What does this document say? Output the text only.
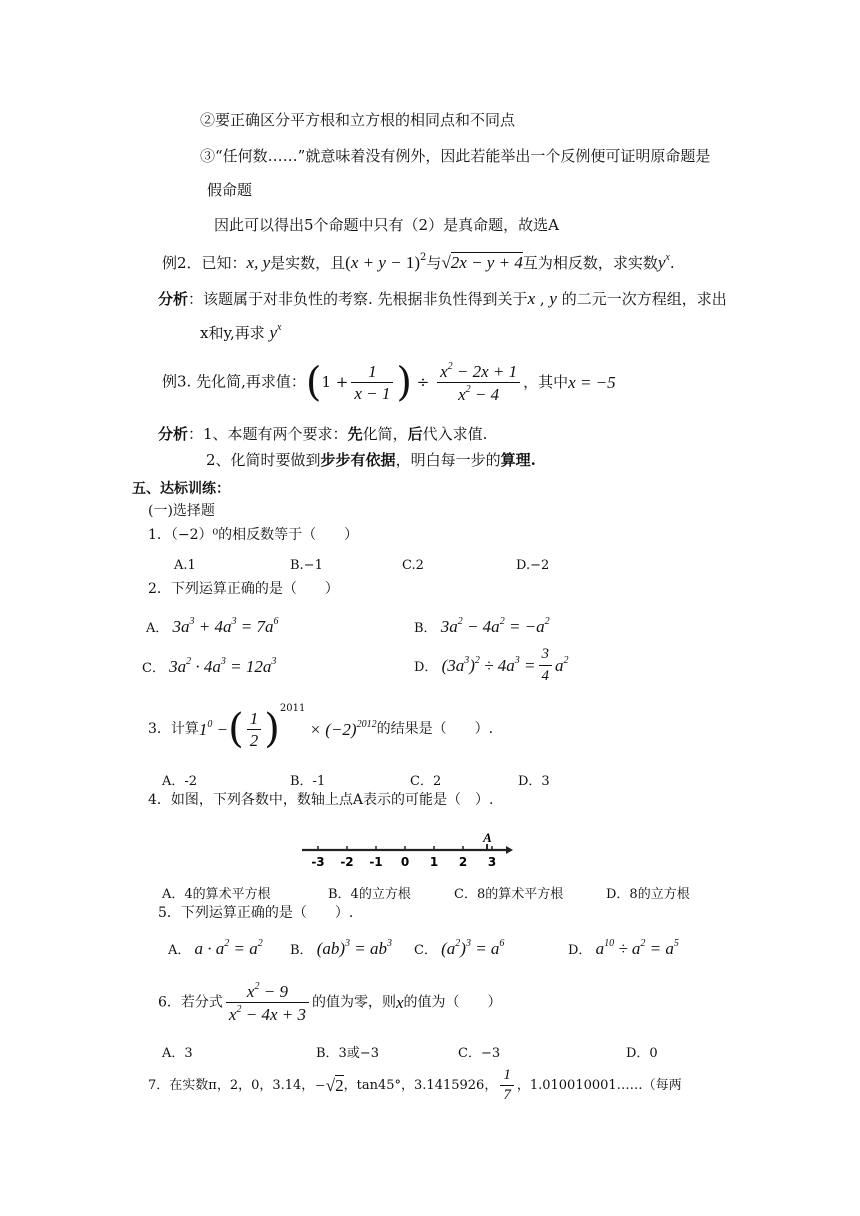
②要正确区分平方根和立方根的相同点和不同点
③“任何数……”就意味着没有例外，因此若能举出一个反例便可证明原命题是
假命题
因此可以得出5个命题中只有（2）是真命题，故选A
例2．已知：x, y是实数，且$(x + y - 1)^2$与√2x − y + 4互为相反数，求实数$y^x$.
分析：该题属于对非负性的考察. 先根据非负性得到关于x , y 的二元一次方程组，求出
x和y,再求 $y^x$
例3. 先化简,再求值：($1 + \frac{1}{x - 1}$ ) ÷ $\frac{x^2 - 2x + 1}{x^2 - 4}$ ，其中x = −5
分析：1、本题有两个要求：先化简，后代入求值.
2、化简时要做到步步有依据，明白每一步的算理.
五、达标训练：
(一)选择题
1．（−2）⁰的相反数等于（　　）
A.1	B.−1	C.2	D.−2
2．下列运算正确的是（　　）
A． $3a^3 + 4a^3 = 7a^6$	B． $3a^2 - 4a^2 = -a^2$
C． $3a^2 \cdot 4a^3 = 12a^3$	D． $(3a^3)^2 \div 4a^3 = \frac{3}{4} a^2$
3．计算$1^0$ −( $\frac{1}{2} )^{2011} \times (-2)^{2012}$的结果是（　　）.
A．-2	B．-1	C．2	D．3
4．如图，下列各数中，数轴上点A表示的可能是（　）.
-3 -2 -1 0 1 2 3
A
A．4的算术平方根	B．4的立方根	C．8的算术平方根	D．8的立方根
5．下列运算正确的是（　　）.
A． $a \cdot a^2 = a^2$ B． $(ab)^3 = ab^3$ C． $(a^2)^3 = a^6$	D． $a^{10} \div a^2 = a^5$
6．若分式 $\frac{x^2 - 9}{x^2 - 4x + 3}$ 的值为零，则x的值为（　　）
A．3	B．3或−3	C．−3	D．0
7．在实数π，2，0，3.14，−√2，tan45°，3.1415926， $\frac{1}{7}$ ，1.010010001……（每两
